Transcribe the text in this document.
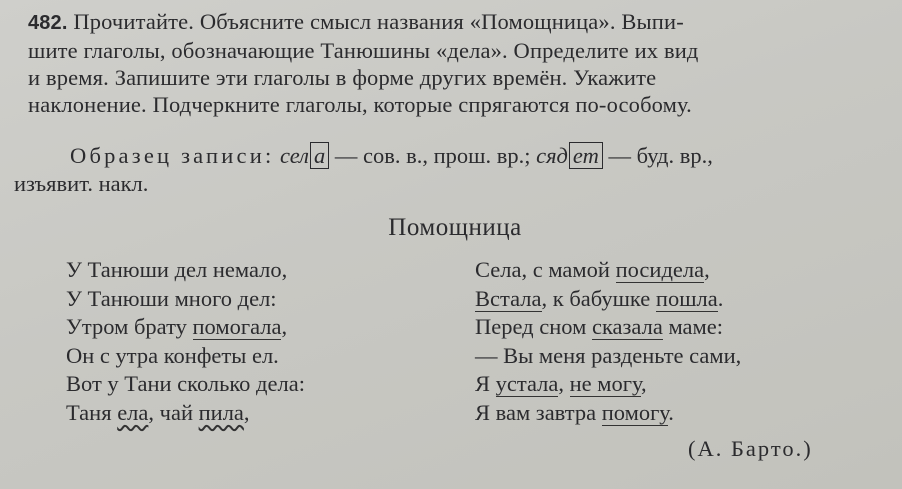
482. Прочитайте. Объясните смысл названия «Помощница». Выпи-
шите глаголы, обозначающие Танюшины «дела». Определите их вид
и время. Запишите эти глаголы в форме других времён. Укажите
наклонение. Подчеркните глаголы, которые спрягаются по-особому.
Образец записи: сел а — сов. в., прош. вр.; сяд ет — буд. вр.,
изъявит. накл.
Помощница
У Танюши дел немало,
У Танюши много дел:
Утром брату помогала,
Он с утра конфеты ел.
Вот у Тани сколько дела:
Таня ела, чай пила,
Села, с мамой посидела,
Встала, к бабушке пошла.
Перед сном сказала маме:
— Вы меня разденьте сами,
Я устала, не могу,
Я вам завтра помогу.
(А. Барто.)
